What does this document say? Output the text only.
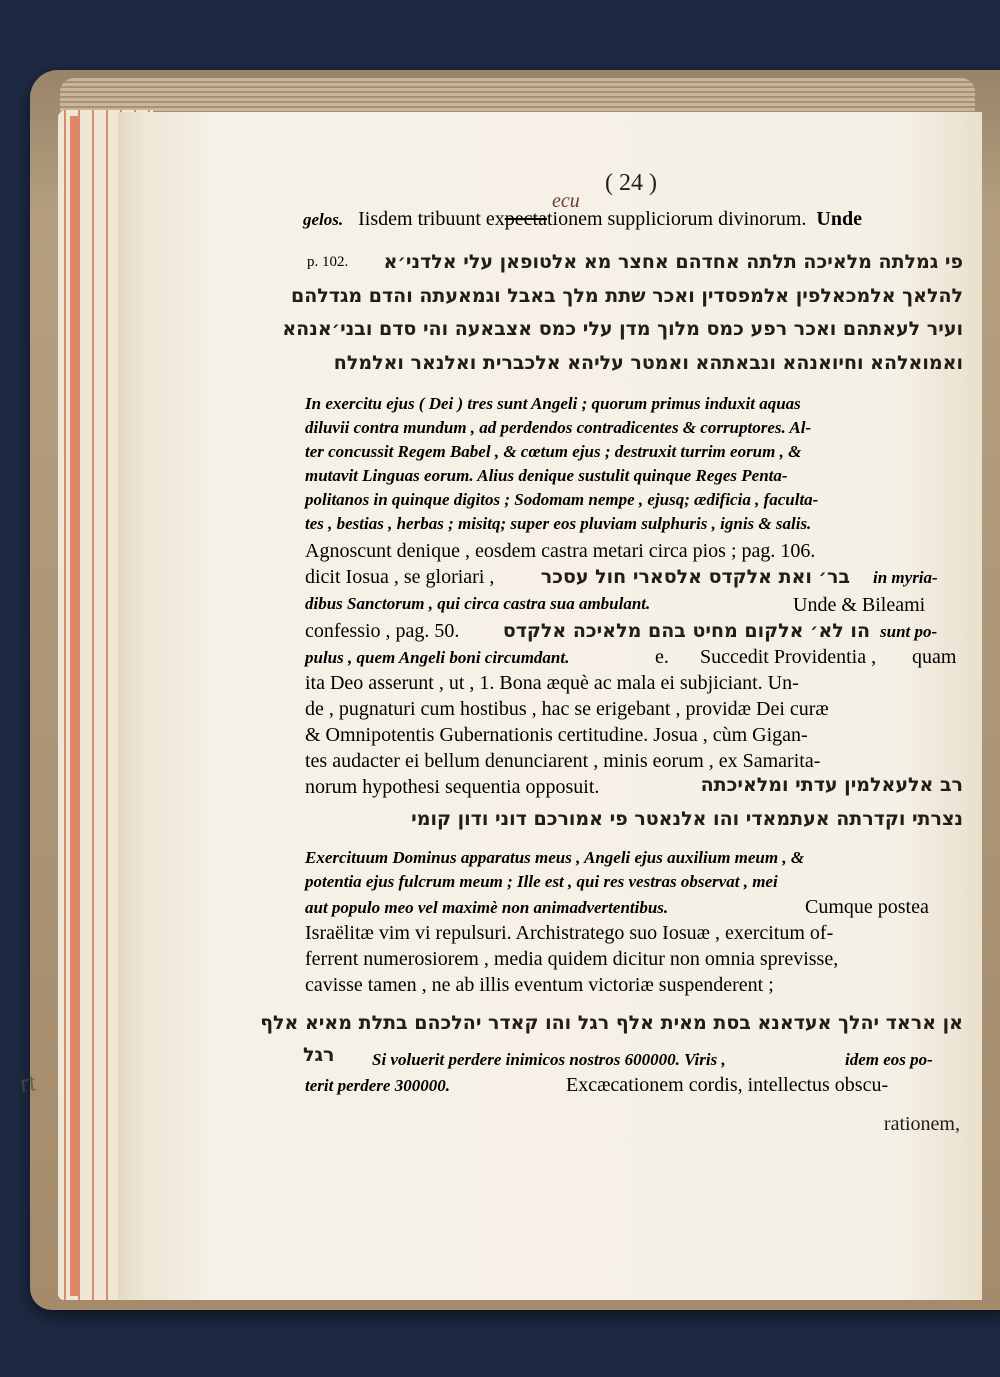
rt
( 24 )
ecu
gelos. Iisdem tribuunt expectationem suppliciorum divinorum. Unde
p. 102. פי גמלתה מלאיכה תלתה אחדהם אחצר מא אלטופאן עלי אלדני׳א
להלאך אלמכאלפין אלמפסדין ואכר שתת מלך באבל וגמאעתה והדם מגדלהם
ועיר לעאתהם ואכר רפע כמס מלוך מדן עלי כמס אצבאעה והי סדם ובני׳אנהא
ואמואלהא וחיואנהא ונבאתהא ואמטר עליהא אלכברית ואלנאר ואלמלח
In exercitu ejus ( Dei ) tres sunt Angeli ; quorum primus induxit aquas
diluvii contra mundum , ad perdendos contradicentes & corruptores. Al-
ter concussit Regem Babel , & cœtum ejus ; destruxit turrim eorum , &
mutavit Linguas eorum. Alius denique sustulit quinque Reges Penta-
politanos in quinque digitos ; Sodomam nempe , ejusq; ædificia , faculta-
tes , bestias , herbas ; misitq; super eos pluviam sulphuris , ignis & salis.
Agnoscunt denique , eosdem castra metari circa pios ; pag. 106.
dicit Iosua , se gloriari , בר׳ ואת אלקדס אלסארי חול עסכר in myria-
dibus Sanctorum , qui circa castra sua ambulant.	Unde & Bileami
confessio , pag. 50.	הו לא׳ אלקום מחיט בהם מלאיכה אלקדס sunt po-
pulus , quem Angeli boni circumdant.	e. Succedit Providentia , quam
ita Deo asserunt , ut , 1. Bona æquè ac mala ei subjiciant. Un-
de , pugnaturi cum hostibus , hac se erigebant , providæ Dei curæ
& Omnipotentis Gubernationis certitudine. Josua , cùm Gigan-
tes audacter ei bellum denunciarent , minis eorum , ex Samarita-
norum hypothesi sequentia opposuit.	רב אלעאלמין עדתי ומלאיכתה
נצרתי וקדרתה אעתמאדי והו אלנאטר פי אמורכם דוני ודון קומי
Exercituum Dominus apparatus meus , Angeli ejus auxilium meum , &
potentia ejus fulcrum meum ; Ille est , qui res vestras observat , mei
aut populo meo vel maximè non animadvertentibus.	Cumque postea
Israëlitæ vim vi repulsuri. Archistratego suo Iosuæ , exercitum of-
ferrent numerosiorem , media quidem dicitur non omnia sprevisse,
cavisse tamen , ne ab illis eventum victoriæ suspenderent ;
אן אראד יהלך אעדאנא בסת מאית אלף רגל והו קאדר יהלכהם בתלת מאיא אלף
רגל	Si voluerit perdere inimicos nostros 600000. Viris ,	idem eos po-
terit perdere 300000.	Excæcationem cordis, intellectus obscu-
rationem,
